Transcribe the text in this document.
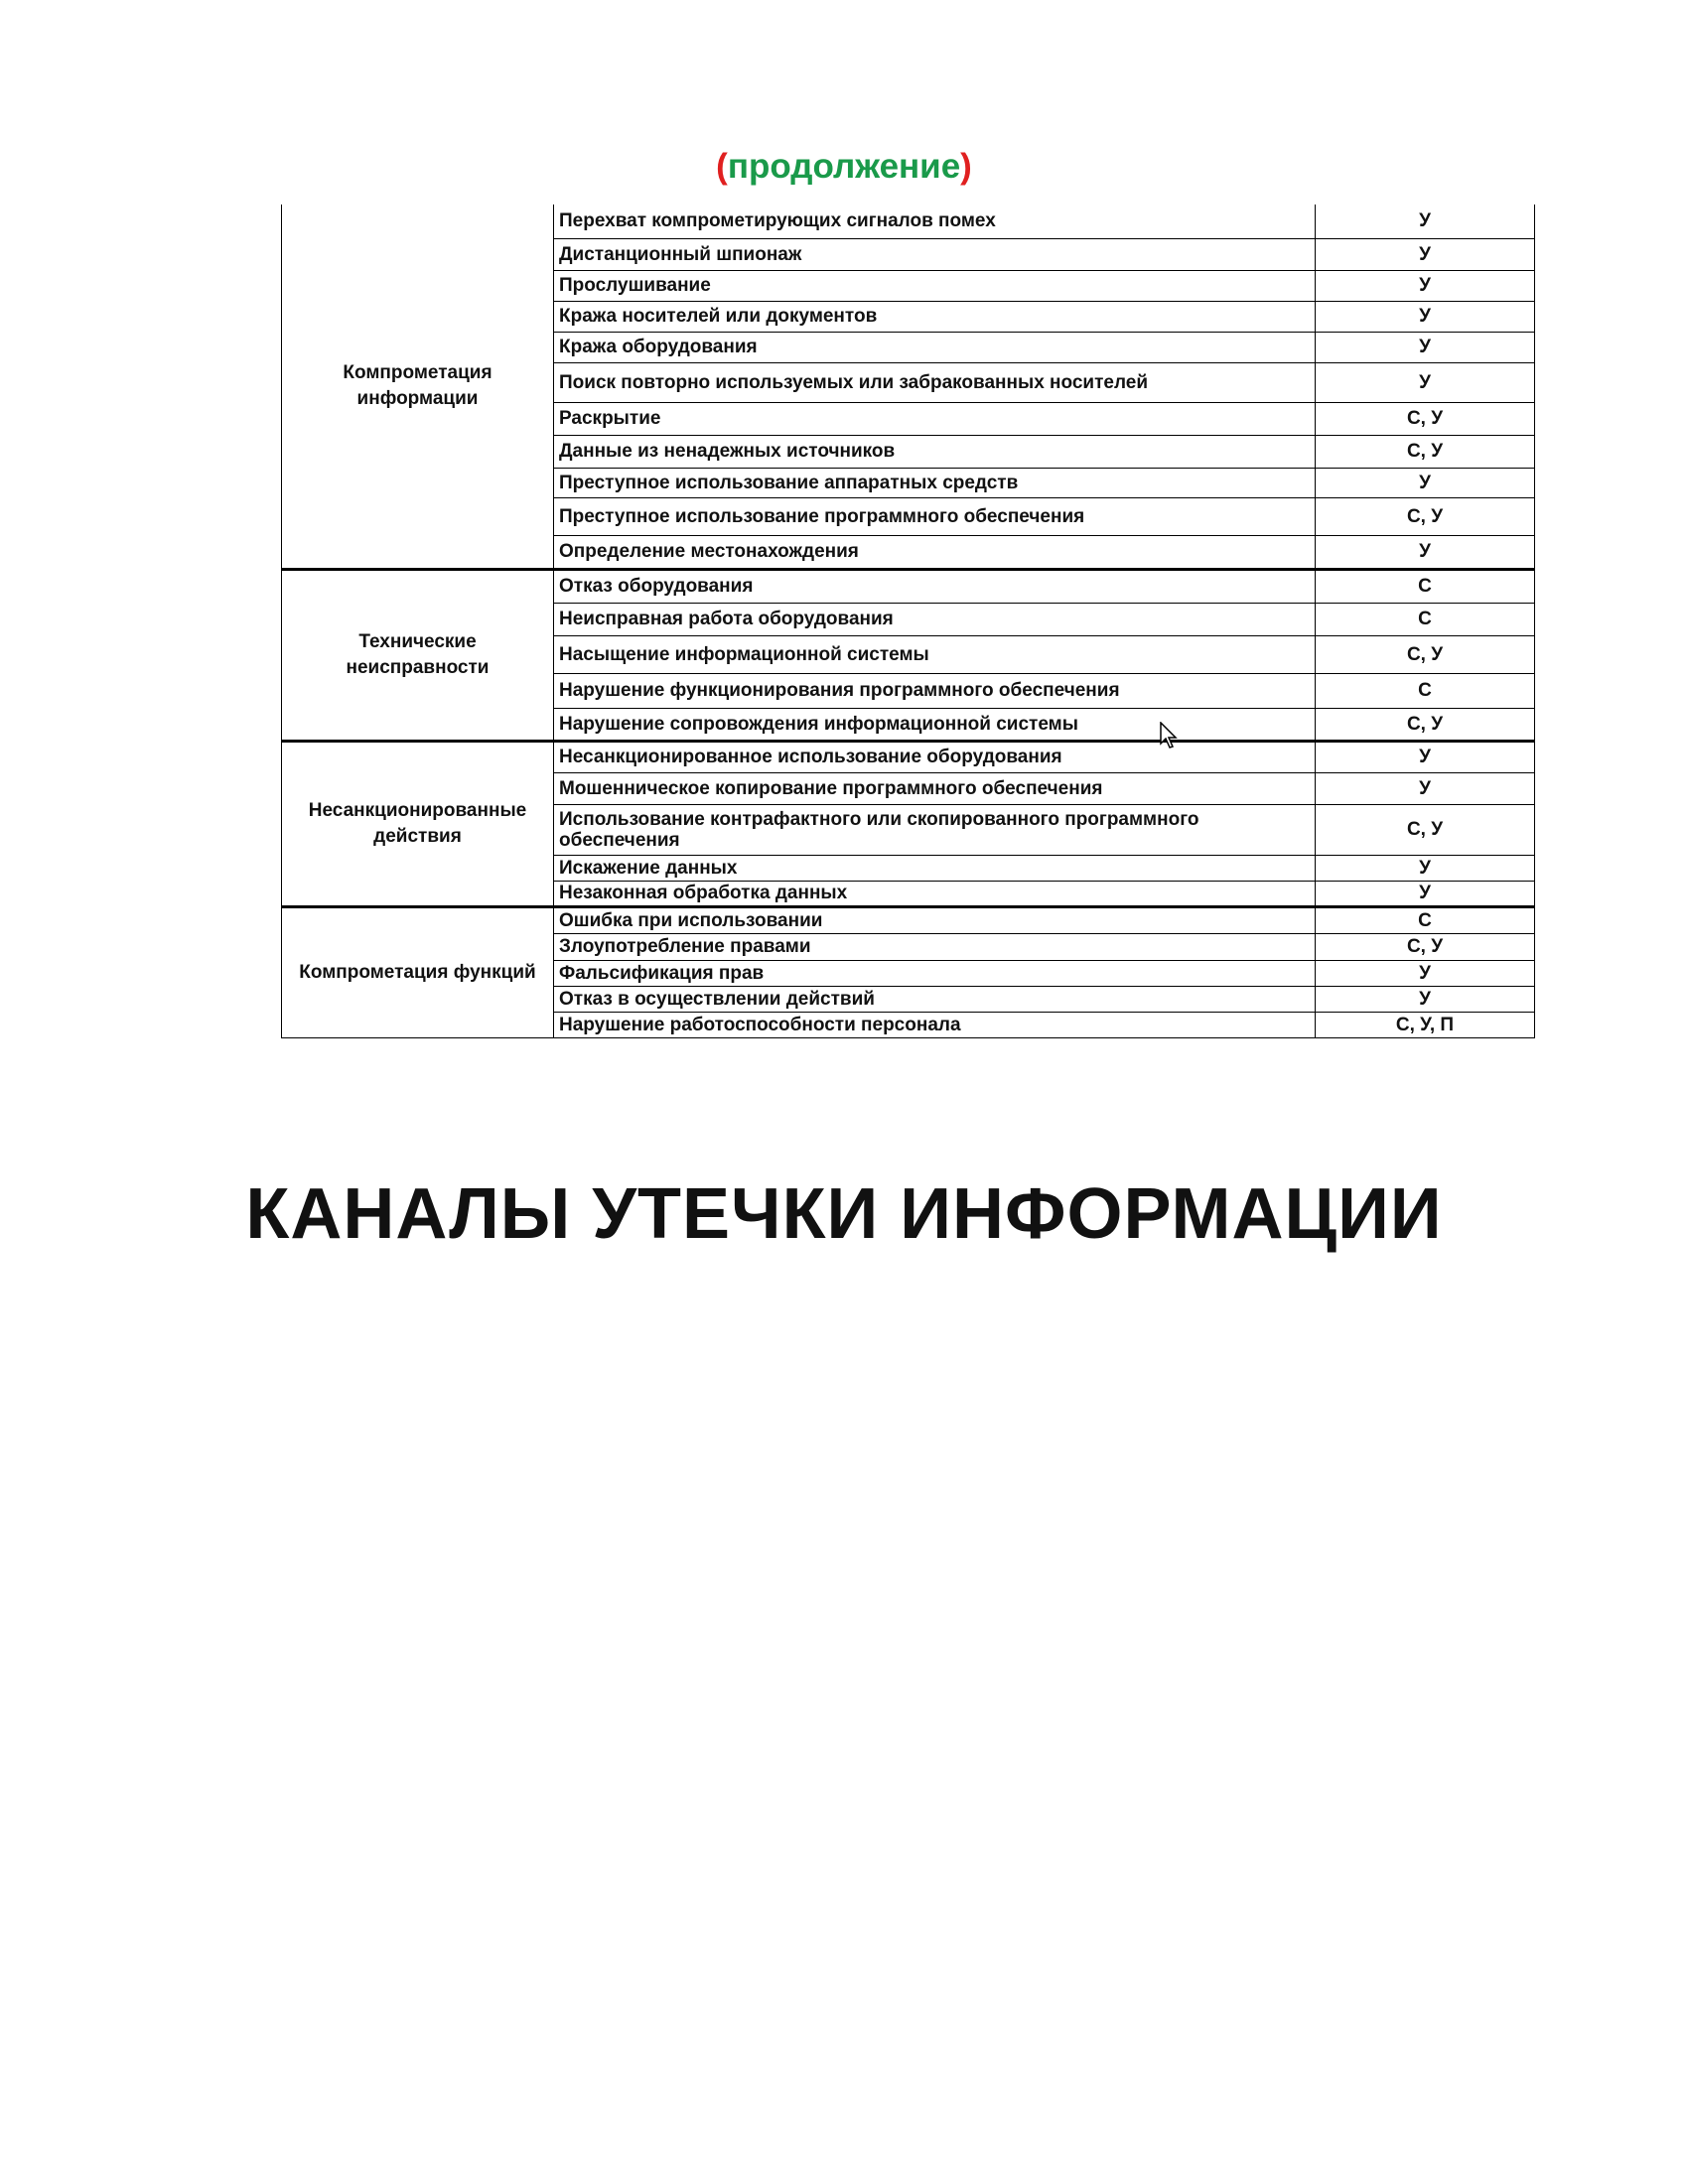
(продолжение)
Компрометация информации	Перехват компрометирующих сигналов помех	У
	Дистанционный шпионаж	У
	Прослушивание	У
	Кража носителей или документов	У
	Кража оборудования	У
	Поиск повторно используемых или забракованных носителей	У
	Раскрытие	С, У
	Данные из ненадежных источников	С, У
	Преступное использование аппаратных средств	У
	Преступное использование программного обеспечения	С, У
	Определение местонахождения	У
Технические неисправности	Отказ оборудования	С
	Неисправная работа оборудования	С
	Насыщение информационной системы	С, У
	Нарушение функционирования программного обеспечения	С
	Нарушение сопровождения информационной системы	С, У
Несанкционированные действия	Несанкционированное использование оборудования	У
	Мошенническое копирование программного обеспечения	У
	Использование контрафактного или скопированного программного обеспечения	С, У
	Искажение данных	У
	Незаконная обработка данных	У
Компрометация функций	Ошибка при использовании	С
	Злоупотребление правами	С, У
	Фальсификация прав	У
	Отказ в осуществлении действий	У
	Нарушение работоспособности персонала	С, У, П
КАНАЛЫ УТЕЧКИ ИНФОРМАЦИИ
